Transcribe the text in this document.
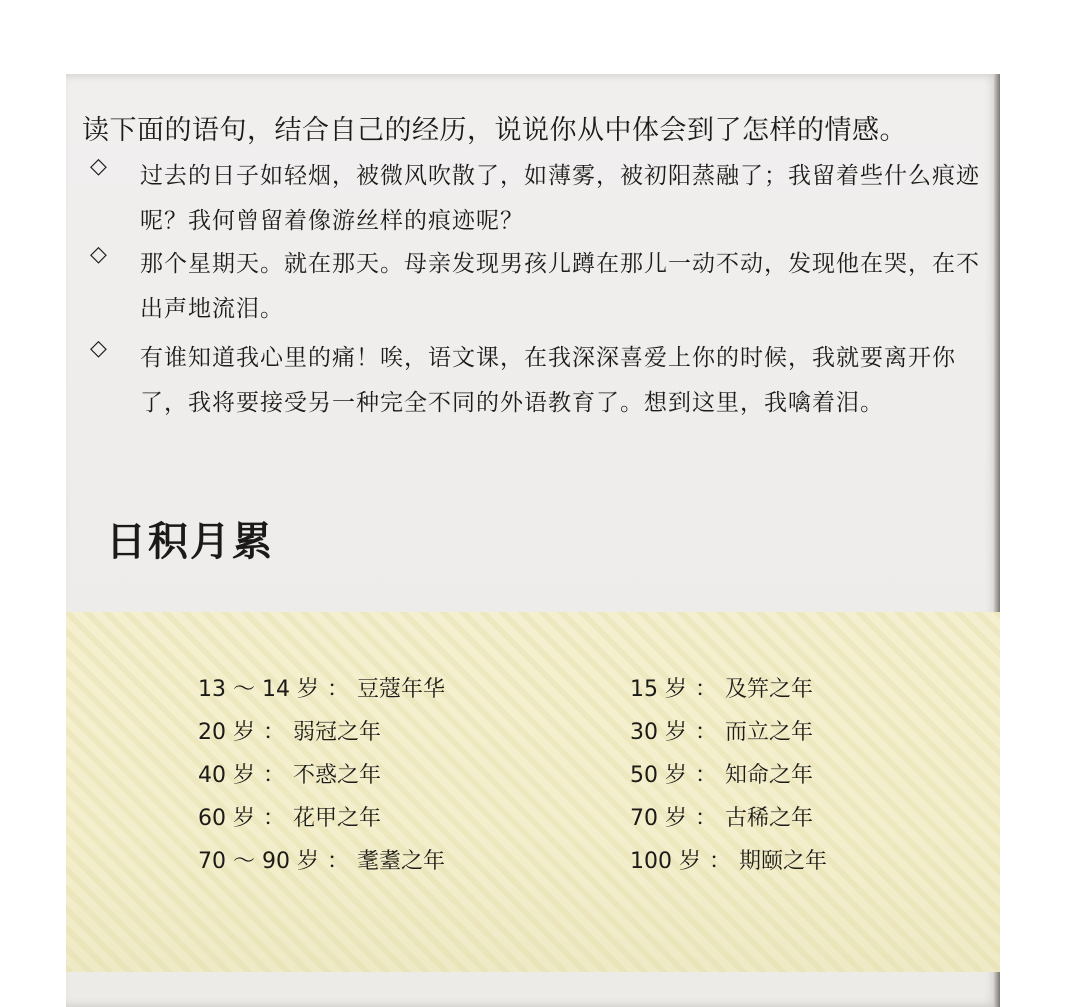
读下面的语句，结合自己的经历，说说你从中体会到了怎样的情感。
◇ 过去的日子如轻烟，被微风吹散了，如薄雾，被初阳蒸融了；我留着些什么痕迹呢？我何曾留着像游丝样的痕迹呢？
◇ 那个星期天。就在那天。母亲发现男孩儿蹲在那儿一动不动，发现他在哭，在不出声地流泪。
◇ 有谁知道我心里的痛！唉，语文课，在我深深喜爱上你的时候，我就要离开你了，我将要接受另一种完全不同的外语教育了。想到这里，我噙着泪。
日积月累
13 ～ 14 岁 ： 豆蔻年华	15 岁 ： 及笄之年
20 岁 ： 弱冠之年	30 岁 ： 而立之年
40 岁 ： 不惑之年	50 岁 ： 知命之年
60 岁 ： 花甲之年	70 岁 ： 古稀之年
70 ～ 90 岁 ： 耄耋之年	100 岁 ： 期颐之年
